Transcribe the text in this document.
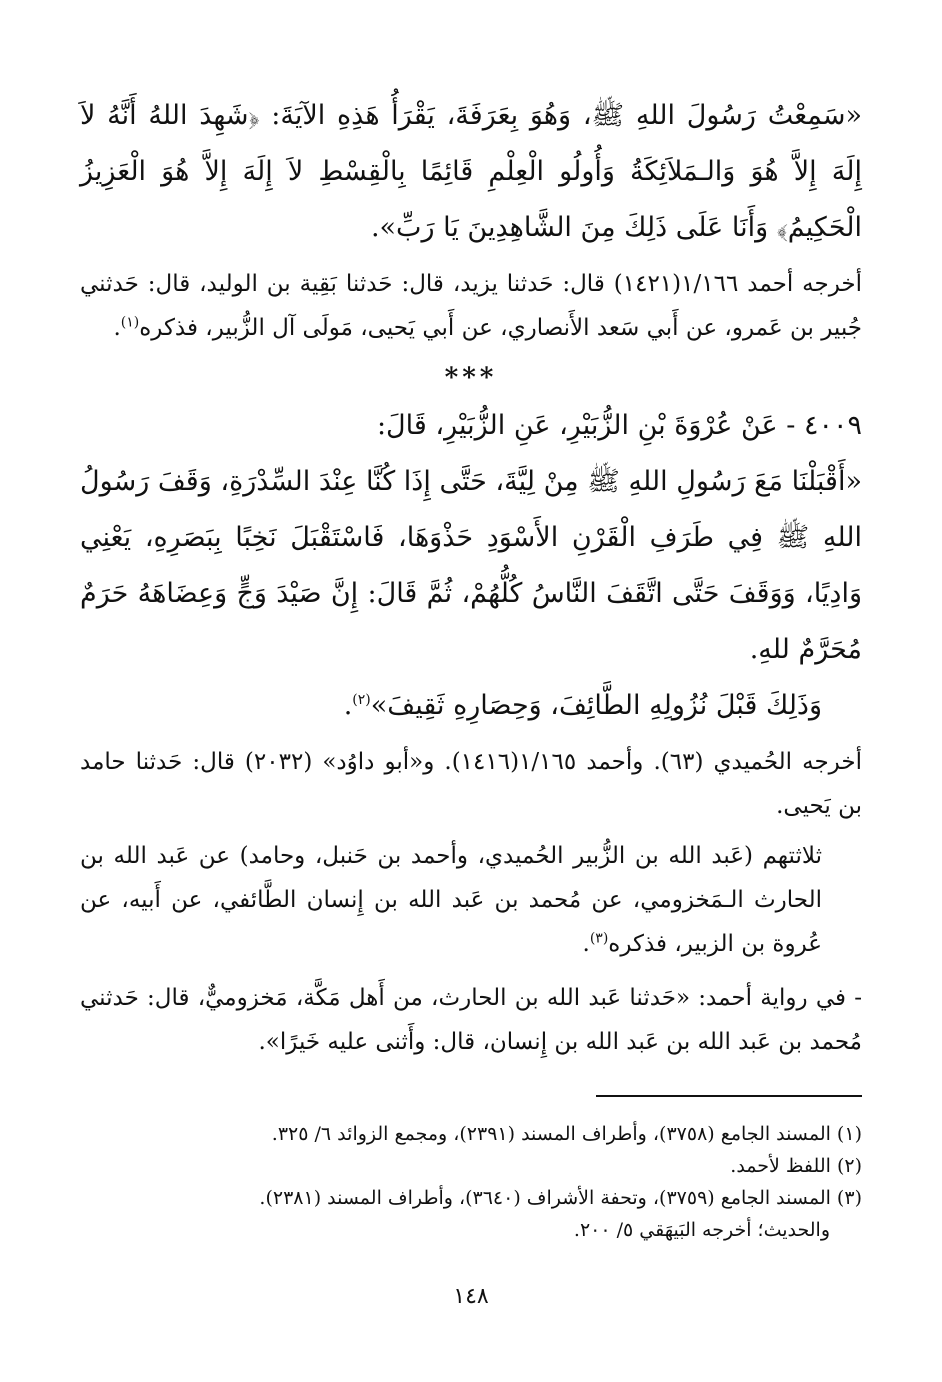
«سَمِعْتُ رَسُولَ اللهِ ﷺ، وَهُوَ بِعَرَفَةَ، يَقْرَأُ هَذِهِ الآيَةَ: ﴿شَهِدَ اللهُ أَنَّهُ لاَ إِلَهَ إِلاَّ هُوَ وَالـمَلاَئِكَةُ وَأُولُو الْعِلْمِ قَائِمًا بِالْقِسْطِ لاَ إِلَهَ إِلاَّ هُوَ الْعَزِيزُ الْحَكِيمُ﴾ وَأَنَا عَلَى ذَلِكَ مِنَ الشَّاهِدِينَ يَا رَبِّ».

أخرجه أحمد ١/١٦٦(١٤٢١) قال: حَدثنا يزيد، قال: حَدثنا بَقِية بن الوليد، قال: حَدثني جُبير بن عَمرو، عن أَبي سَعد الأَنصاري، عن أَبي يَحيى، مَولَى آل الزُّبير، فذكره$^{(١)}$.

***

٤٠٠٩ - عَنْ عُرْوَةَ بْنِ الزُّبَيْرِ، عَنِ الزُّبَيْرِ، قَالَ:

«أَقْبَلْنَا مَعَ رَسُولِ اللهِ ﷺ مِنْ لِيَّةَ، حَتَّى إِذَا كُنَّا عِنْدَ السِّدْرَةِ، وَقَفَ رَسُولُ اللهِ ﷺ فِي طَرَفِ الْقَرْنِ الأَسْوَدِ حَذْوَهَا، فَاسْتَقْبَلَ نَخِبًا بِبَصَرِهِ، يَعْنِي وَادِيًا، وَوَقَفَ حَتَّى اتَّقَفَ النَّاسُ كُلُّهُمْ، ثُمَّ قَالَ: إِنَّ صَيْدَ وَجٍّ وَعِضَاهَهُ حَرَمٌ مُحَرَّمٌ للهِ.

وَذَلِكَ قَبْلَ نُزُولِهِ الطَّائِفَ، وَحِصَارِهِ ثَقِيفَ»$^{(٢)}$.

أخرجه الحُميدي (٦٣). وأحمد ١/١٦٥(١٤١٦). و«أبو داوُد» (٢٠٣٢) قال: حَدثنا حامد بن يَحيى.

ثلاثتهم (عَبد الله بن الزُّبير الحُميدي، وأحمد بن حَنبل، وحامد) عن عَبد الله بن الحارث الـمَخزومي، عن مُحمد بن عَبد الله بن إِنسان الطَّائفي، عن أَبيه، عن عُروة بن الزبير، فذكره$^{(٣)}$.

- في رواية أحمد: «حَدثنا عَبد الله بن الحارث، من أَهل مَكَّة، مَخزوميٌّ، قال: حَدثني مُحمد بن عَبد الله بن عَبد الله بن إِنسان، قال: وأَثنى عليه خَيرًا».

(١) المسند الجامع (٣٧٥٨)، وأطراف المسند (٢٣٩١)، ومجمع الزوائد ٦/ ٣٢٥.

(٢) اللفظ لأحمد.

(٣) المسند الجامع (٣٧٥٩)، وتحفة الأشراف (٣٦٤٠)، وأطراف المسند (٢٣٨١).

والحديث؛ أخرجه البَيهَقي ٥/ ٢٠٠.

١٤٨
